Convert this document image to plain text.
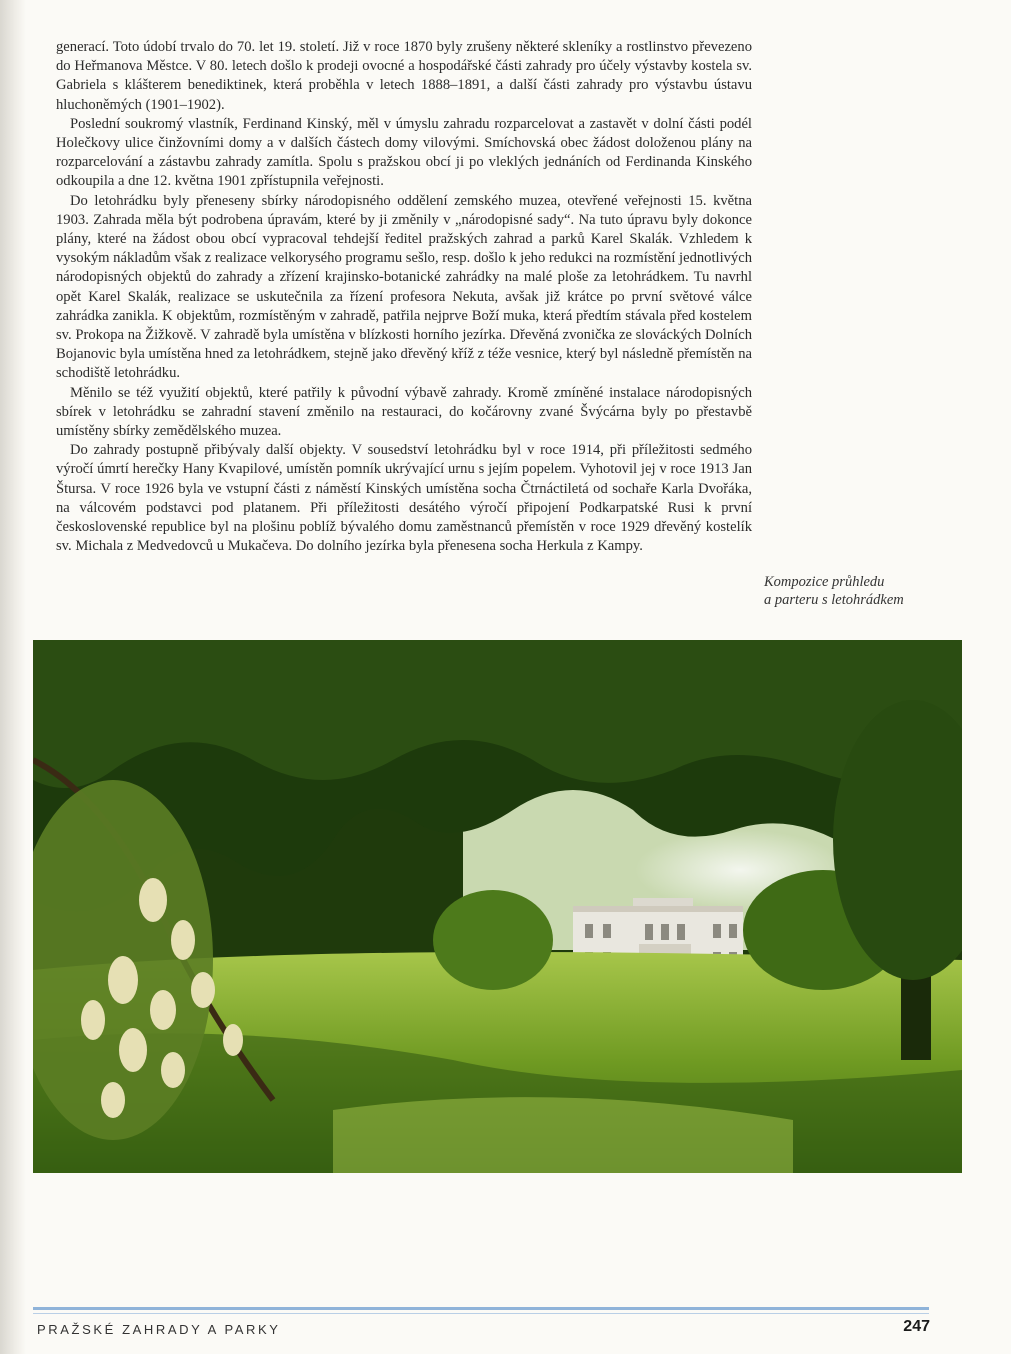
generací. Toto údobí trvalo do 70. let 19. století. Již v roce 1870 byly zrušeny některé skleníky a rostlinstvo převezeno do Heřmanova Městce. V 80. letech došlo k prodeji ovocné a hospodářské části zahrady pro účely výstavby kostela sv. Gabriela s klášterem benediktinek, která proběhla v letech 1888–1891, a další části zahrady pro výstavbu ústavu hluchoněmých (1901–1902).

Poslední soukromý vlastník, Ferdinand Kinský, měl v úmyslu zahradu rozparcelovat a zastavět v dolní části podél Holečkovy ulice činžovními domy a v dalších částech domy vilovými. Smíchovská obec žádost doloženou plány na rozparcelování a zástavbu zahrady zamítla. Spolu s pražskou obcí ji po vleklých jednáních od Ferdinanda Kinského odkoupila a dne 12. května 1901 zpřístupnila veřejnosti.

Do letohrádku byly přeneseny sbírky národopisného oddělení zemského muzea, otevřené veřejnosti 15. května 1903. Zahrada měla být podrobena úpravám, které by ji změnily v „národopisné sady“. Na tuto úpravu byly dokonce plány, které na žádost obou obcí vypracoval tehdejší ředitel pražských zahrad a parků Karel Skalák. Vzhledem k vysokým nákladům však z realizace velkorysého programu sešlo, resp. došlo k jeho redukci na rozmístění jednotlivých národopisných objektů do zahrady a zřízení krajinsko-botanické zahrádky na malé ploše za letohrádkem. Tu navrhl opět Karel Skalák, realizace se uskutečnila za řízení profesora Nekuta, avšak již krátce po první světové válce zahrádka zanikla. K objektům, rozmístěným v zahradě, patřila nejprve Boží muka, která předtím stávala před kostelem sv. Prokopa na Žižkově. V zahradě byla umístěna v blízkosti horního jezírka. Dřevěná zvonička ze slováckých Dolních Bojanovic byla umístěna hned za letohrádkem, stejně jako dřevěný kříž z téže vesnice, který byl následně přemístěn na schodiště letohrádku.

Měnilo se též využití objektů, které patřily k původní výbavě zahrady. Kromě zmíněné instalace národopisných sbírek v letohrádku se zahradní stavení změnilo na restauraci, do kočárovny zvané Švýcárna byly po přestavbě umístěny sbírky zemědělského muzea.

Do zahrady postupně přibývaly další objekty. V sousedství letohrádku byl v roce 1914, při příležitosti sedmého výročí úmrtí herečky Hany Kvapilové, umístěn pomník ukrývající urnu s jejím popelem. Vyhotovil jej v roce 1913 Jan Štursa. V roce 1926 byla ve vstupní části z náměstí Kinských umístěna socha Čtrnáctiletá od sochaře Karla Dvořáka, na válcovém podstavci pod platanem. Při příležitosti desátého výročí připojení Podkarpatské Rusi k první československé republice byl na plošinu poblíž bývalého domu zaměstnanců přemístěn v roce 1929 dřevěný kostelík sv. Michala z Medvedovců u Mukačeva. Do dolního jezírka byla přenesena socha Herkula z Kampy.

Kompozice průhledu
a parteru s letohrádkem
PRAŽSKÉ ZAHRADY A PARKY	247
